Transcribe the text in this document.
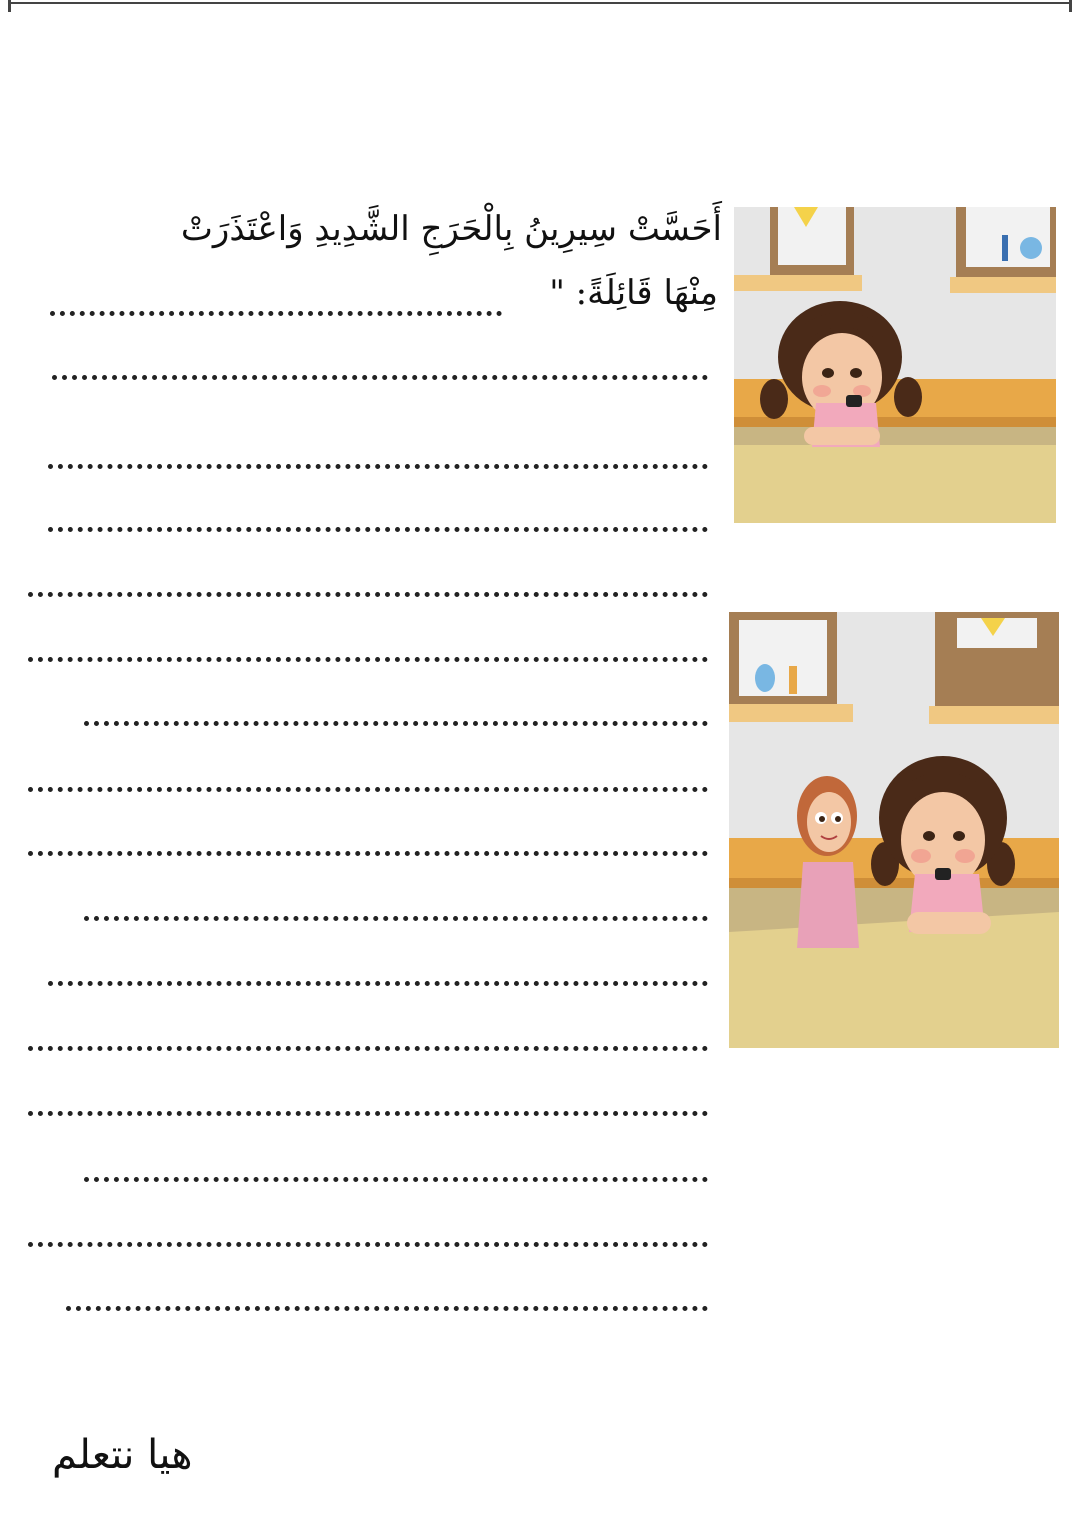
أَحَسَّتْ سِيرِينُ بِالْحَرَجِ الشَّدِيدِ وَاعْتَذَرَتْ
مِنْهَا قَائِلَةً: "
هيا نتعلم
